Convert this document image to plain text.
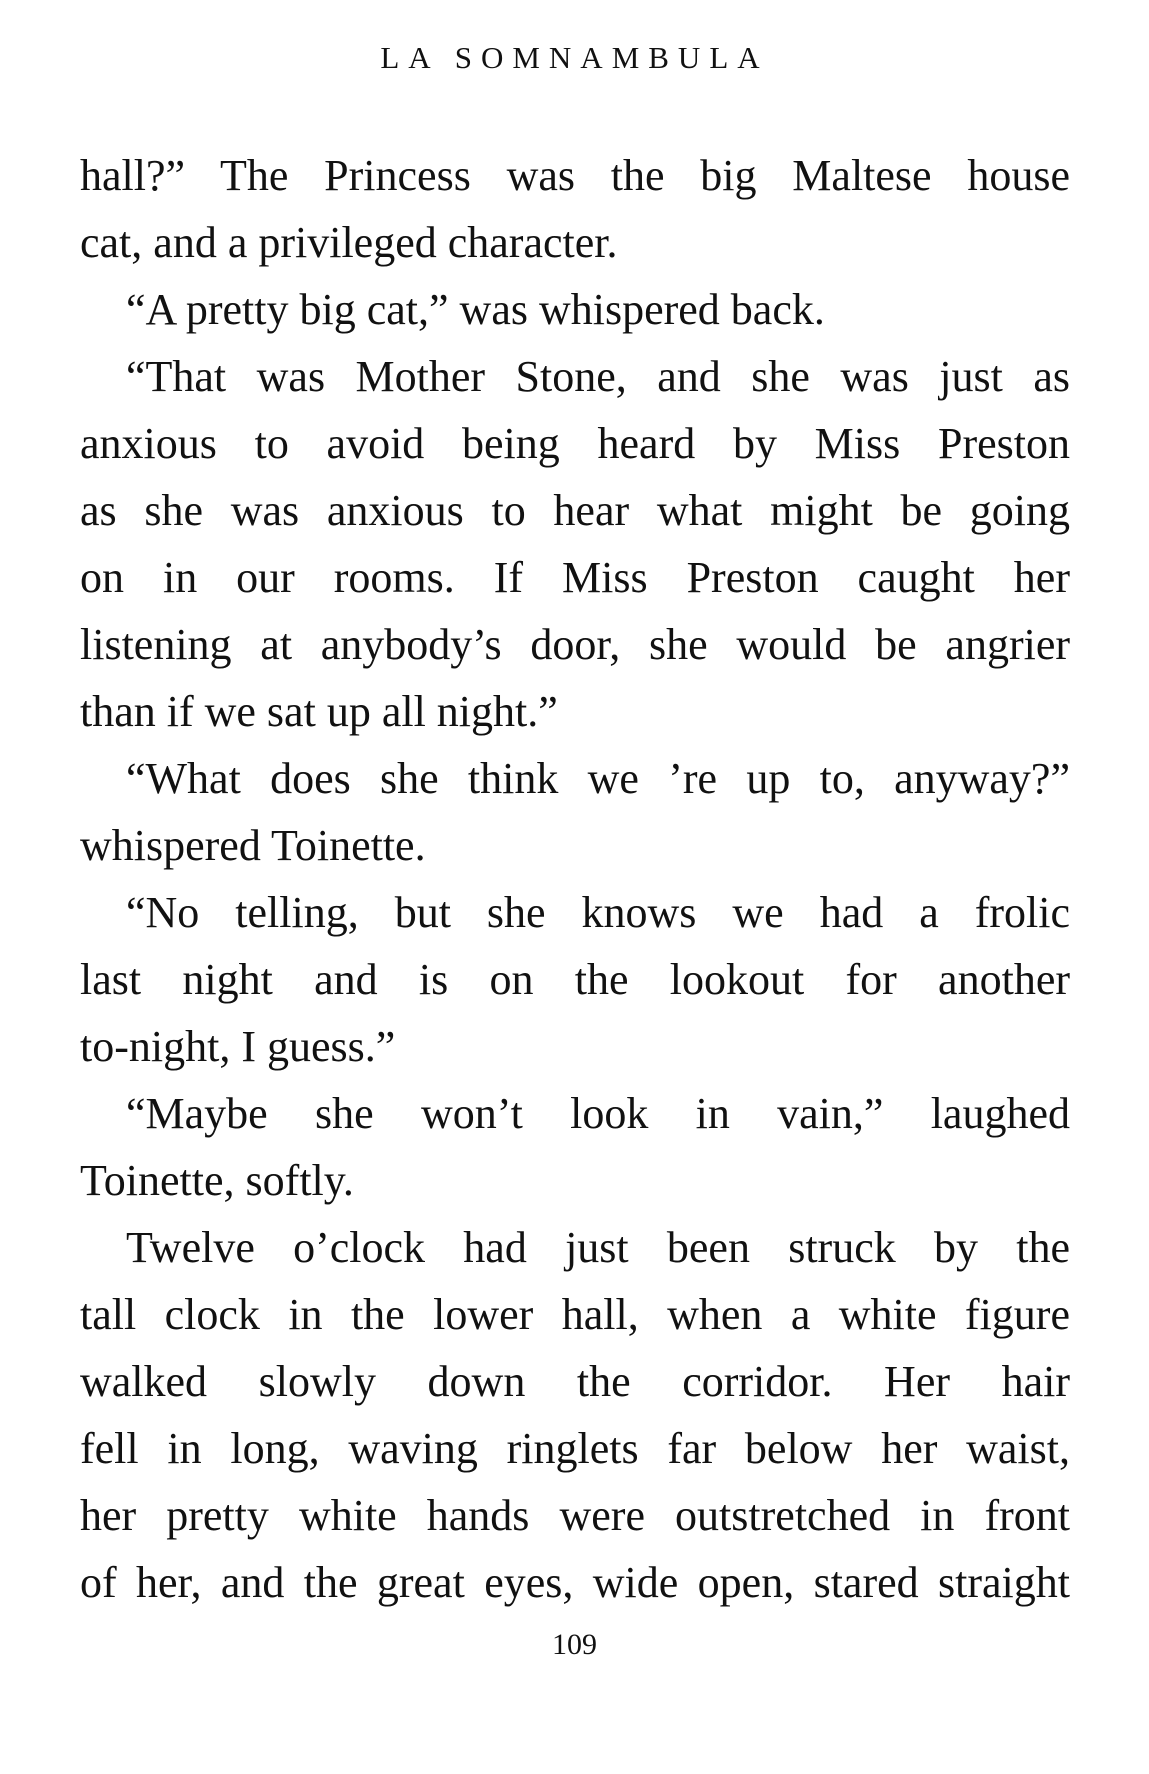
LA SOMNAMBULA
hall?” The Princess was the big Maltese house
cat, and a privileged character.
“A pretty big cat,” was whispered back.
“That was Mother Stone, and she was just as
anxious to avoid being heard by Miss Preston
as she was anxious to hear what might be going
on in our rooms. If Miss Preston caught her
listening at anybody’s door, she would be angrier
than if we sat up all night.”
“What does she think we ’re up to, anyway?”
whispered Toinette.
“No telling, but she knows we had a frolic
last night and is on the lookout for another
to-night, I guess.”
“Maybe she won’t look in vain,” laughed
Toinette, softly.
Twelve o’clock had just been struck by the
tall clock in the lower hall, when a white figure
walked slowly down the corridor. Her hair
fell in long, waving ringlets far below her waist,
her pretty white hands were outstretched in front
of her, and the great eyes, wide open, stared straight
109
